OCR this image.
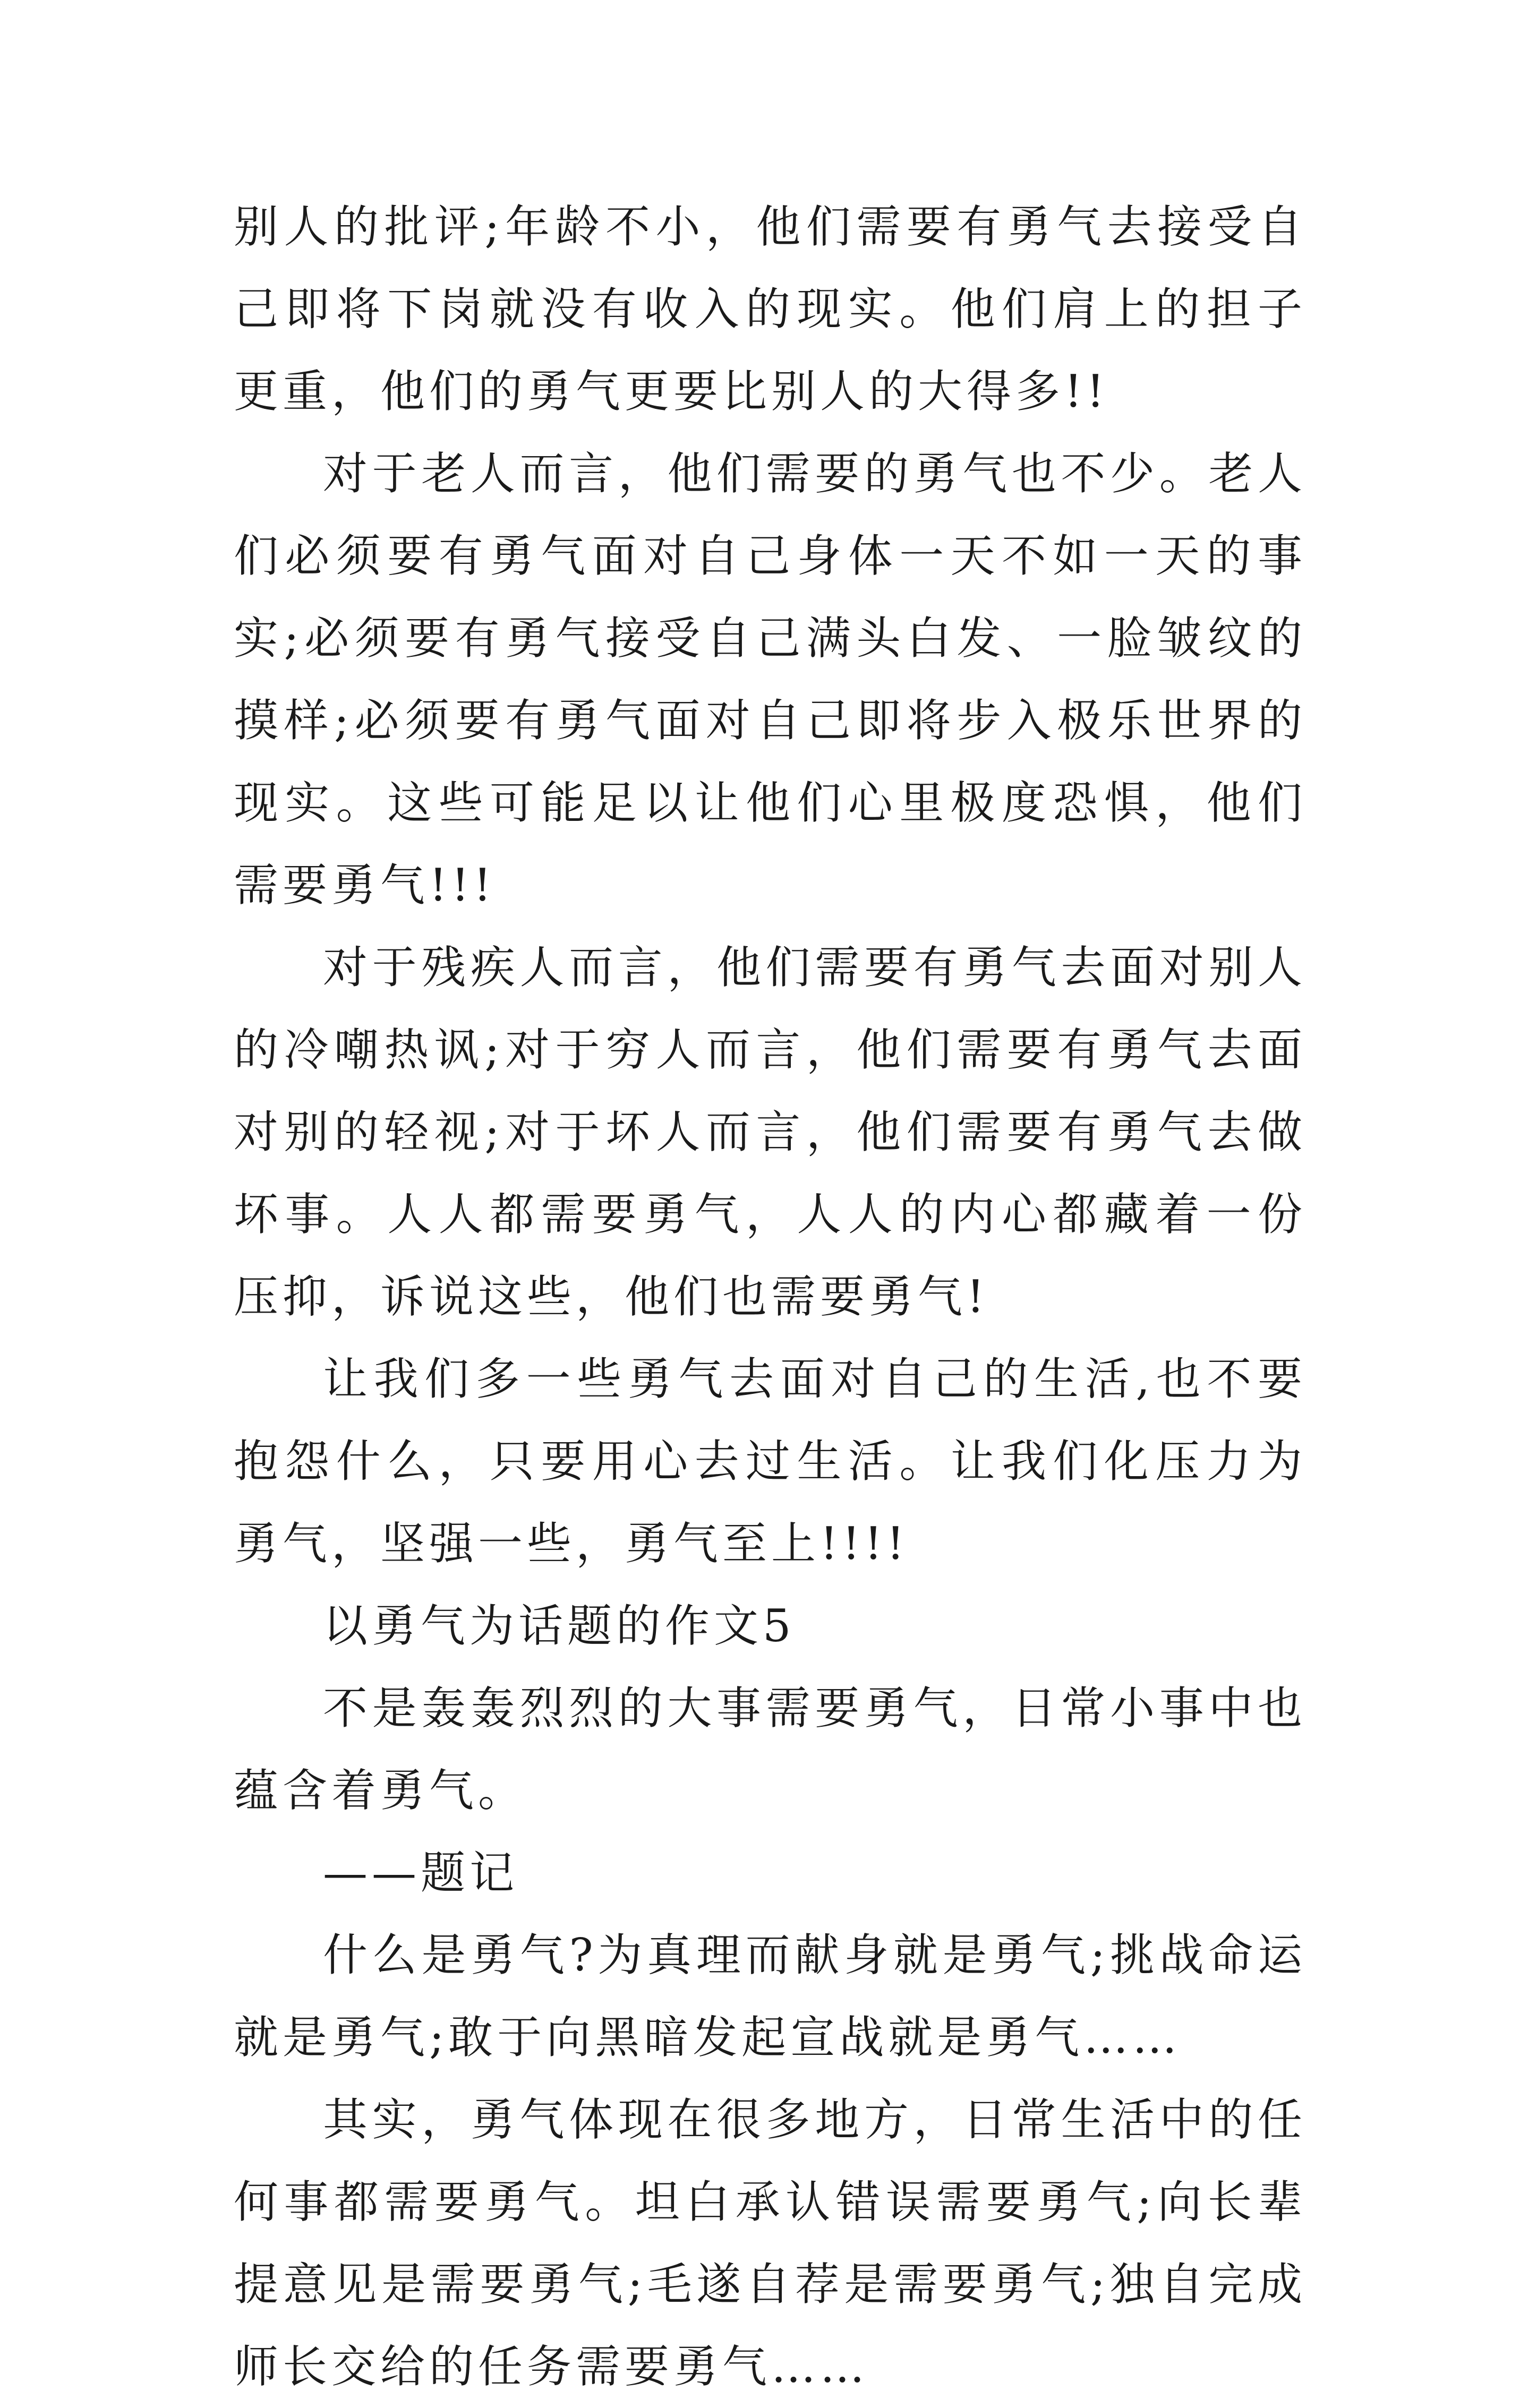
别人的批评;年龄不小，他们需要有勇气去接受自己即将下岗就没有收入的现实。他们肩上的担子更重，他们的勇气更要比别人的大得多!!

对于老人而言，他们需要的勇气也不少。老人们必须要有勇气面对自己身体一天不如一天的事实;必须要有勇气接受自己满头白发、一脸皱纹的摸样;必须要有勇气面对自己即将步入极乐世界的现实。这些可能足以让他们心里极度恐惧，他们需要勇气!!!

对于残疾人而言，他们需要有勇气去面对别人的冷嘲热讽;对于穷人而言，他们需要有勇气去面对别的轻视;对于坏人而言，他们需要有勇气去做坏事。人人都需要勇气，人人的内心都藏着一份压抑，诉说这些，他们也需要勇气!

让我们多一些勇气去面对自己的生活,也不要抱怨什么，只要用心去过生活。让我们化压力为勇气，坚强一些，勇气至上!!!!

以勇气为话题的作文5

不是轰轰烈烈的大事需要勇气，日常小事中也蕴含着勇气。

——题记

什么是勇气?为真理而献身就是勇气;挑战命运就是勇气;敢于向黑暗发起宣战就是勇气……

其实，勇气体现在很多地方，日常生活中的任何事都需要勇气。坦白承认错误需要勇气;向长辈提意见是需要勇气;毛遂自荐是需要勇气;独自完成师长交给的任务需要勇气……
